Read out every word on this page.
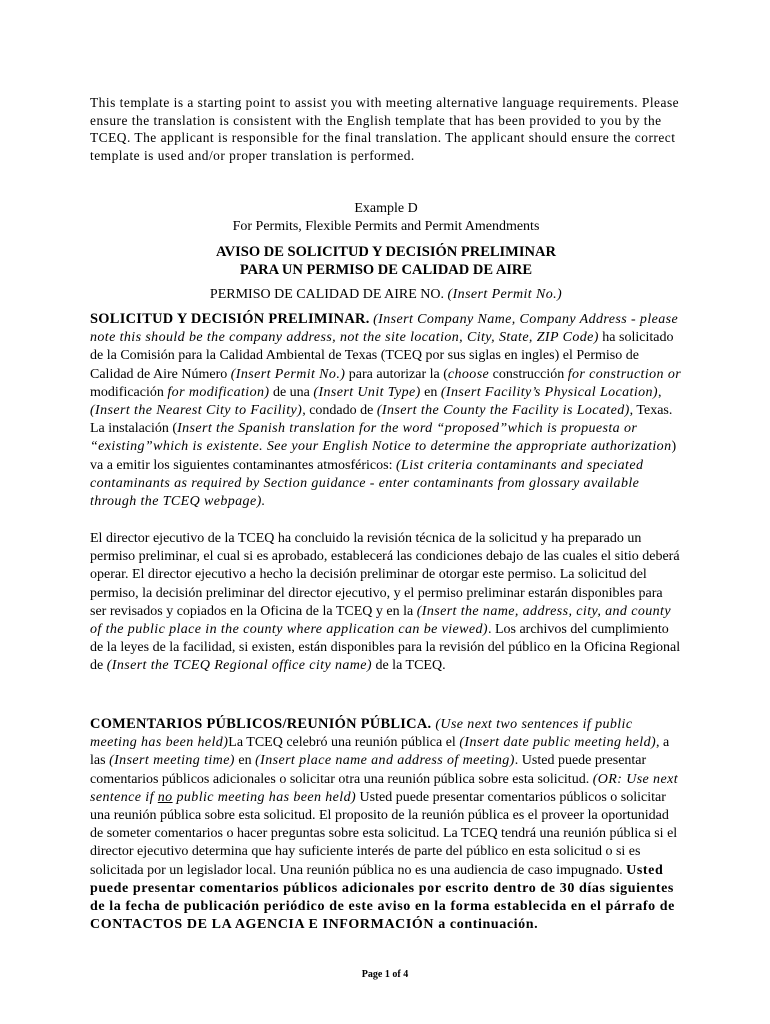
This template is a starting point to assist you with meeting alternative language requirements. Please ensure the translation is consistent with the English template that has been provided to you by the TCEQ. The applicant is responsible for the final translation. The applicant should ensure the correct template is used and/or proper translation is performed.

Example D

For Permits, Flexible Permits and Permit Amendments

AVISO DE SOLICITUD Y DECISIÓN PRELIMINAR

PARA UN PERMISO DE CALIDAD DE AIRE

PERMISO DE CALIDAD DE AIRE NO. (Insert Permit No.)

SOLICITUD Y DECISIÓN PRELIMINAR. (Insert Company Name, Company Address - please note this should be the company address, not the site location, City, State, ZIP Code) ha solicitado de la Comisión para la Calidad Ambiental de Texas (TCEQ por sus siglas en ingles) el Permiso de Calidad de Aire Número (Insert Permit No.) para autorizar la (choose construcción for construction or modificación for modification) de una (Insert Unit Type) en (Insert Facility’s Physical Location), (Insert the Nearest City to Facility), condado de (Insert the County the Facility is Located), Texas. La instalación (Insert the Spanish translation for the word “proposed”which is propuesta or “existing”which is existente. See your English Notice to determine the appropriate authorization) va a emitir los siguientes contaminantes atmosféricos: (List criteria contaminants and speciated contaminants as required by Section guidance - enter contaminants from glossary available through the TCEQ webpage).

El director ejecutivo de la TCEQ ha concluido la revisión técnica de la solicitud y ha preparado un permiso preliminar, el cual si es aprobado, establecerá las condiciones debajo de las cuales el sitio deberá operar. El director ejecutivo a hecho la decisión preliminar de otorgar este permiso. La solicitud del permiso, la decisión preliminar del director ejecutivo, y el permiso preliminar estarán disponibles para ser revisados y copiados en la Oficina de la TCEQ y en la (Insert the name, address, city, and county of the public place in the county where application can be viewed). Los archivos del cumplimiento de la leyes de la facilidad, si existen, están disponibles para la revisión del público en la Oficina Regional de (Insert the TCEQ Regional office city name) de la TCEQ.

COMENTARIOS PÚBLICOS/REUNIÓN PÚBLICA. (Use next two sentences if public meeting has been held)La TCEQ celebró una reunión pública el (Insert date public meeting held), a las (Insert meeting time) en (Insert place name and address of meeting). Usted puede presentar comentarios públicos adicionales o solicitar otra una reunión pública sobre esta solicitud. (OR: Use next sentence if no public meeting has been held) Usted puede presentar comentarios públicos o solicitar una reunión pública sobre esta solicitud. El proposito de la reunión pública es el proveer la oportunidad de someter comentarios o hacer preguntas sobre esta solicitud. La TCEQ tendrá una reunión pública si el director ejecutivo determina que hay suficiente interés de parte del público en esta solicitud o si es solicitada por un legislador local. Una reunión pública no es una audiencia de caso impugnado. Usted puede presentar comentarios públicos adicionales por escrito dentro de 30 días siguientes de la fecha de publicación periódico de este aviso en la forma establecida en el párrafo de CONTACTOS DE LA AGENCIA E INFORMACIÓN a continuación.

Page 1 of 4
